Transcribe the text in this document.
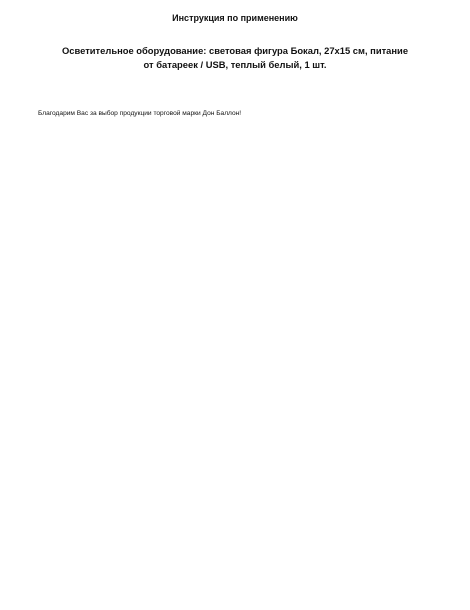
Инструкция по применению
Осветительное оборудование: световая фигура Бокал, 27x15 см, питание от батареек / USB, теплый белый, 1 шт.
Благодарим Вас за выбор продукции торговой марки Дон Баллон!
